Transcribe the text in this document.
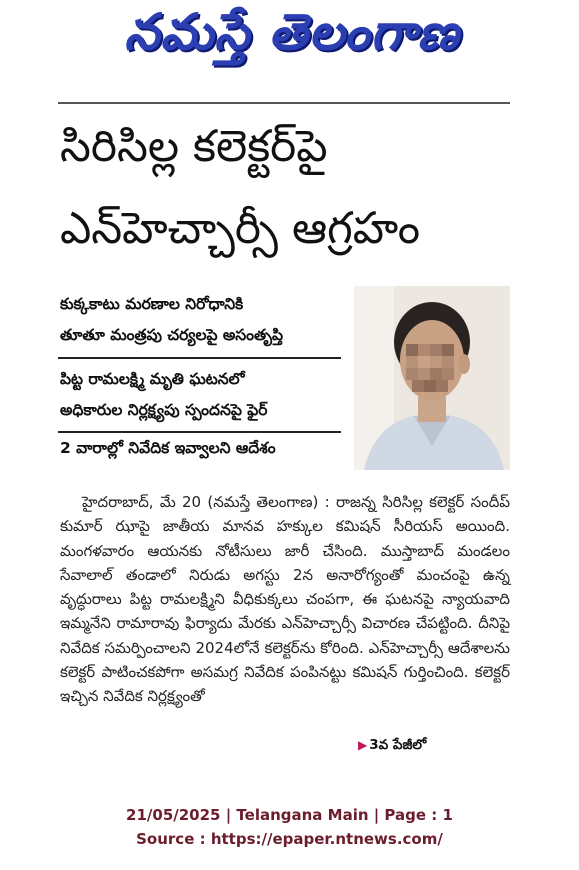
నమస్తే తెలంగాణ
సిరిసిల్ల కలెక్టర్‌పై
ఎన్‌హెచ్చార్సీ ఆగ్రహం
కుక్కకాటు మరణాల నిరోధానికి
తూతూ మంత్రపు చర్యలపై అసంతృప్తి
పిట్ట రామలక్ష్మి మృతి ఘటనలో
అధికారుల నిర్లక్ష్యపు స్పందనపై ఫైర్
2 వారాల్లో నివేదిక ఇవ్వాలని ఆదేశం

హైదరాబాద్, మే 20 (నమస్తే తెలంగాణ) : రాజన్న సిరిసిల్ల కలెక్టర్ సందీప్ కుమార్ ఝాపై జాతీయ మానవ హక్కుల కమిషన్ సీరియస్ అయింది. మంగళవారం ఆయనకు నోటీసులు జారీ చేసింది. ముస్తాబాద్ మండలం సేవాలాల్ తండాలో నిరుడు అగస్టు 2న అనారోగ్యంతో మంచంపై ఉన్న వృద్ధురాలు పిట్ట రామలక్ష్మిని వీధికుక్కలు చంపగా, ఈ ఘటనపై న్యాయవాది ఇమ్మనేని రామారావు ఫిర్యాదు మేరకు ఎన్‌హెచ్చార్సీ విచారణ చేపట్టింది. దీనిపై నివేదిక సమర్పించాలని 2024లోనే కలెక్టర్‌ను కోరింది. ఎన్‌హెచ్చార్సీ ఆదేశాలను కలెక్టర్ పాటించకపోగా అసమగ్ర నివేదిక పంపినట్టు కమిషన్ గుర్తించింది. కలెక్టర్ ఇచ్చిన నివేదిక నిర్లక్ష్యంతో

▶ 3వ పేజీలో
21/05/2025 | Telangana Main | Page : 1
Source : https://epaper.ntnews.com/
